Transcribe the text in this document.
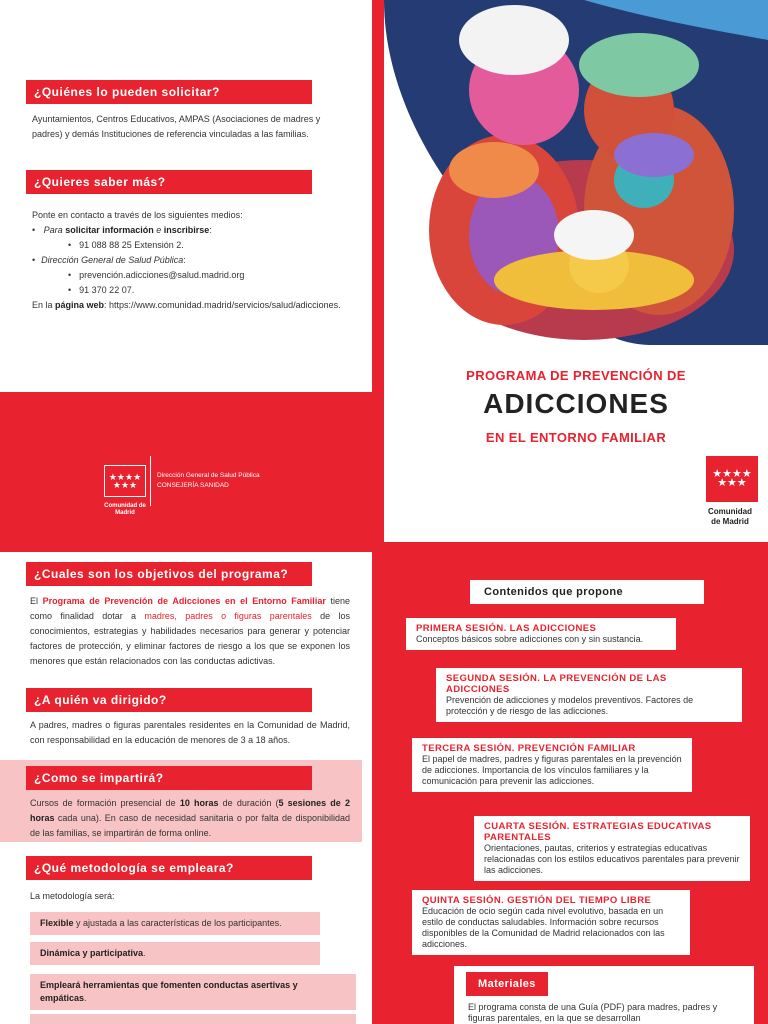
¿Quiénes lo pueden solicitar?
Ayuntamientos, Centros Educativos, AMPAS (Asociaciones de madres y padres) y demás Instituciones de referencia vinculadas a las familias.
¿Quieres saber más?
Ponte en contacto a través de los siguientes medios:
• Para solicitar información e inscribirse:
• 91 088 88 25 Extensión 2.
• Dirección General de Salud Pública:
• prevención.adicciones@salud.madrid.org
• 91 370 22 07.
En la página web: https://www.comunidad.madrid/servicios/salud/adicciones.
★★★★
★★★
Comunidad de Madrid
Dirección General de Salud Pública
CONSEJERÍA SANIDAD
PROGRAMA DE PREVENCIÓN DE
ADICCIONES
EN EL ENTORNO FAMILIAR
★★★★
★★★
Comunidad
de Madrid
¿Cuales son los objetivos del programa?
El Programa de Prevención de Adicciones en el Entorno Familiar tiene como finalidad dotar a madres, padres o figuras parentales de los conocimientos, estrategias y habilidades necesarios para generar y potenciar factores de protección, y eliminar factores de riesgo a los que se exponen los menores que están relacionados con las conductas adictivas.
¿A quién va dirigido?
A padres, madres o figuras parentales residentes en la Comunidad de Madrid, con responsabilidad en la educación de menores de 3 a 18 años.
¿Como se impartirá?
Cursos de formación presencial de 10 horas de duración (5 sesiones de 2 horas cada una). En caso de necesidad sanitaria o por falta de disponibilidad de las familias, se impartirán de forma online.
¿Qué metodología se empleara?
La metodología será:
Flexible y ajustada a las características de los participantes.
Dinámica y participativa.
Empleará herramientas que fomenten conductas asertivas y empáticas.
Contenidos que propone
PRIMERA SESIÓN. LAS ADICCIONES
Conceptos básicos sobre adicciones con y sin sustancia.
SEGUNDA SESIÓN. LA PREVENCIÓN DE LAS ADICCIONES
Prevención de adicciones y modelos preventivos. Factores de protección y de riesgo de las adicciones.
TERCERA SESIÓN. PREVENCIÓN FAMILIAR
El papel de madres, padres y figuras parentales en la prevención de adicciones. Importancia de los vínculos familiares y la comunicación para prevenir las adicciones.
CUARTA SESIÓN. ESTRATEGIAS EDUCATIVAS PARENTALES
Orientaciones, pautas, criterios y estrategias educativas relacionadas con los estilos educativos parentales para prevenir las adicciones.
QUINTA SESIÓN. GESTIÓN DEL TIEMPO LIBRE
Educación de ocio según cada nivel evolutivo, basada en un estilo de conductas saludables. Información sobre recursos disponibles de la Comunidad de Madrid relacionados con las adicciones.
Materiales
El programa consta de una Guía (PDF) para madres, padres y figuras parentales, en la que se desarrollan
